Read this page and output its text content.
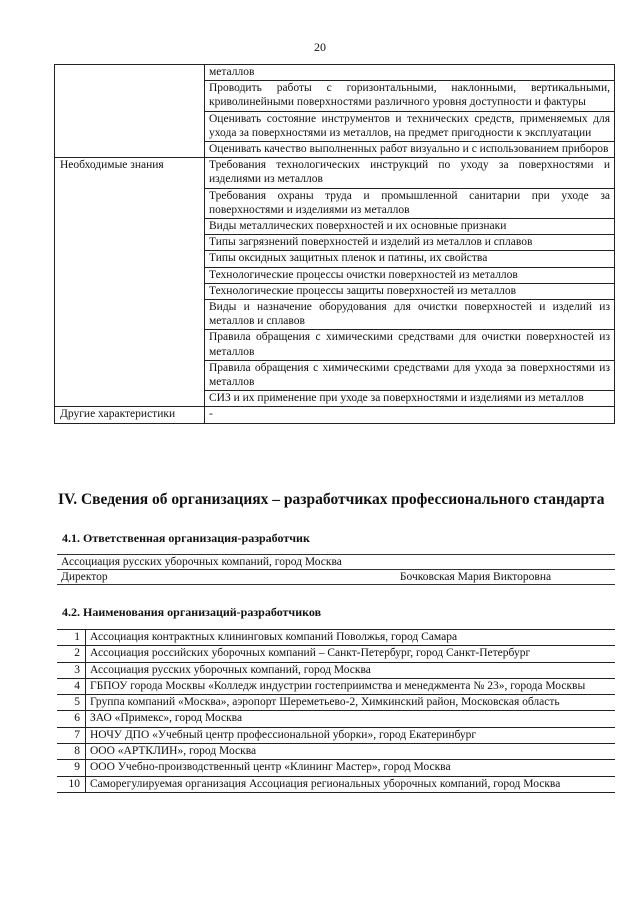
20
	металлов
	Проводить работы с горизонтальными, наклонными, вертикальными, криволинейными поверхностями различного уровня доступности и фактуры
	Оценивать состояние инструментов и технических средств, применяемых для ухода за поверхностями из металлов, на предмет пригодности к эксплуатации
	Оценивать качество выполненных работ визуально и с использованием приборов
Необходимые знания	Требования технологических инструкций по уходу за поверхностями и изделиями из металлов
	Требования охраны труда и промышленной санитарии при уходе за поверхностями и изделиями из металлов
	Виды металлических поверхностей и их основные признаки
	Типы загрязнений поверхностей и изделий из металлов и сплавов
	Типы оксидных защитных пленок и патины, их свойства
	Технологические процессы очистки поверхностей из металлов
	Технологические процессы защиты поверхностей из металлов
	Виды и назначение оборудования для очистки поверхностей и изделий из металлов и сплавов
	Правила обращения с химическими средствами для очистки поверхностей из металлов
	Правила обращения с химическими средствами для ухода за поверхностями из металлов
	СИЗ и их применение при уходе за поверхностями и изделиями из металлов
Другие характеристики	-
IV. Сведения об организациях – разработчиках профессионального стандарта
4.1. Ответственная организация-разработчик
Ассоциация русских уборочных компаний, город Москва
Директор	Бочковская Мария Викторовна
4.2. Наименования организаций-разработчиков
1	Ассоциация контрактных клининговых компаний Поволжья, город Самара
2	Ассоциация российских уборочных компаний – Санкт-Петербург, город Санкт-Петербург
3	Ассоциация русских уборочных компаний, город Москва
4	ГБПОУ города Москвы «Колледж индустрии гостеприимства и менеджмента № 23», города Москвы
5	Группа компаний «Москва», аэропорт Шереметьево-2, Химкинский район, Московская область
6	ЗАО «Примекс», город Москва
7	НОЧУ ДПО «Учебный центр профессиональной уборки», город Екатеринбург
8	ООО «АРТКЛИН», город Москва
9	ООО Учебно-производственный центр «Клининг Мастер», город Москва
10	Саморегулируемая организация Ассоциация региональных уборочных компаний, город Москва
